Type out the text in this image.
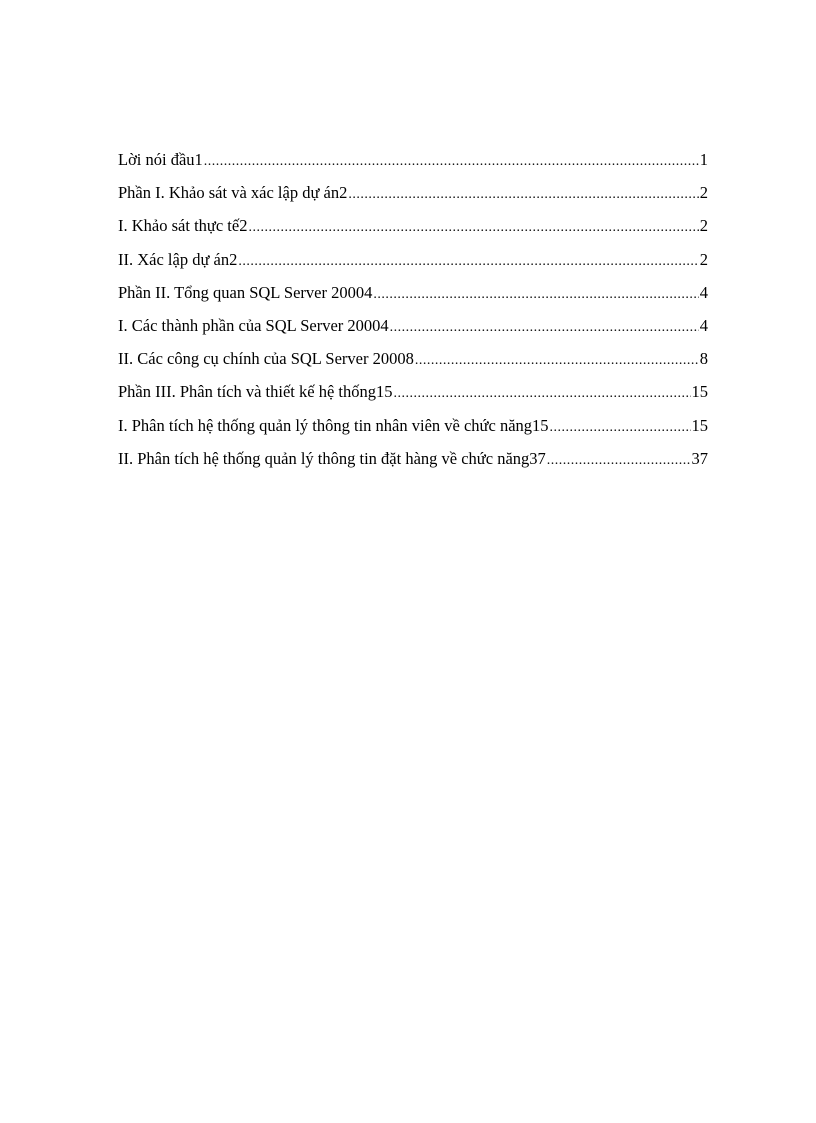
Lời nói đầu1 .....	1
Phần I. Khảo sát và xác lập dự án2 .....	2
I. Khảo sát thực tế2 .....	2
II. Xác lập dự án2 .....	2
Phần II. Tổng quan SQL Server 20004 .....	4
I. Các thành phần của SQL Server 20004 .....	4
II. Các công cụ chính của SQL Server 20008 .....	8
Phần III. Phân tích và thiết kế hệ thống15 .....	15
I. Phân tích hệ thống quản lý thông tin nhân viên về chức năng15 .....	15
II. Phân tích hệ thống quản lý thông tin đặt hàng về chức năng37 .....	37
